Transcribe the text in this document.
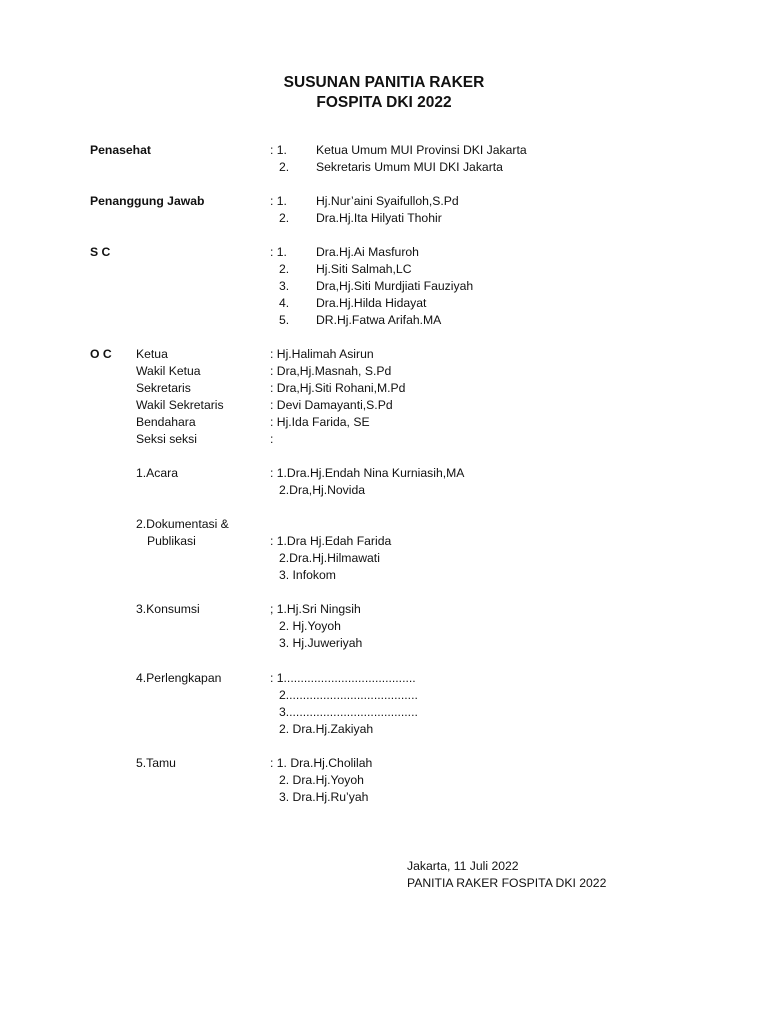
SUSUNAN PANITIA RAKER
FOSPITA DKI 2022
Penasehat	: 1. Ketua Umum MUI Provinsi DKI Jakarta
2. Sekretaris Umum MUI DKI Jakarta
Penanggung Jawab	: 1. Hj.Nur’aini Syaifulloh,S.Pd
2. Dra.Hj.Ita Hilyati Thohir
S C	: 1. Dra.Hj.Ai Masfuroh
2. Hj.Siti Salmah,LC
3. Dra,Hj.Siti Murdjiati Fauziyah
4. Dra.Hj.Hilda Hidayat
5. DR.Hj.Fatwa Arifah.MA
O C Ketua	: Hj.Halimah Asirun
Wakil Ketua	: Dra,Hj.Masnah, S.Pd
Sekretaris	: Dra,Hj.Siti Rohani,M.Pd
Wakil Sekretaris	: Devi Damayanti,S.Pd
Bendahara	: Hj.Ida Farida, SE
Seksi seksi	:
1.Acara	: 1.Dra.Hj.Endah Nina Kurniasih,MA
2.Dra,Hj.Novida
2.Dokumentasi &
Publikasi	: 1.Dra Hj.Edah Farida
2.Dra.Hj.Hilmawati
3. Infokom
3.Konsumsi	; 1.Hj.Sri Ningsih
2. Hj.Yoyoh
3. Hj.Juweriyah
4.Perlengkapan	: 1.......................................
2.......................................
3.......................................
2. Dra.Hj.Zakiyah
5.Tamu	: 1. Dra.Hj.Cholilah
2. Dra.Hj.Yoyoh
3. Dra.Hj.Ru’yah
Jakarta, 11 Juli 2022
PANITIA RAKER FOSPITA DKI 2022
